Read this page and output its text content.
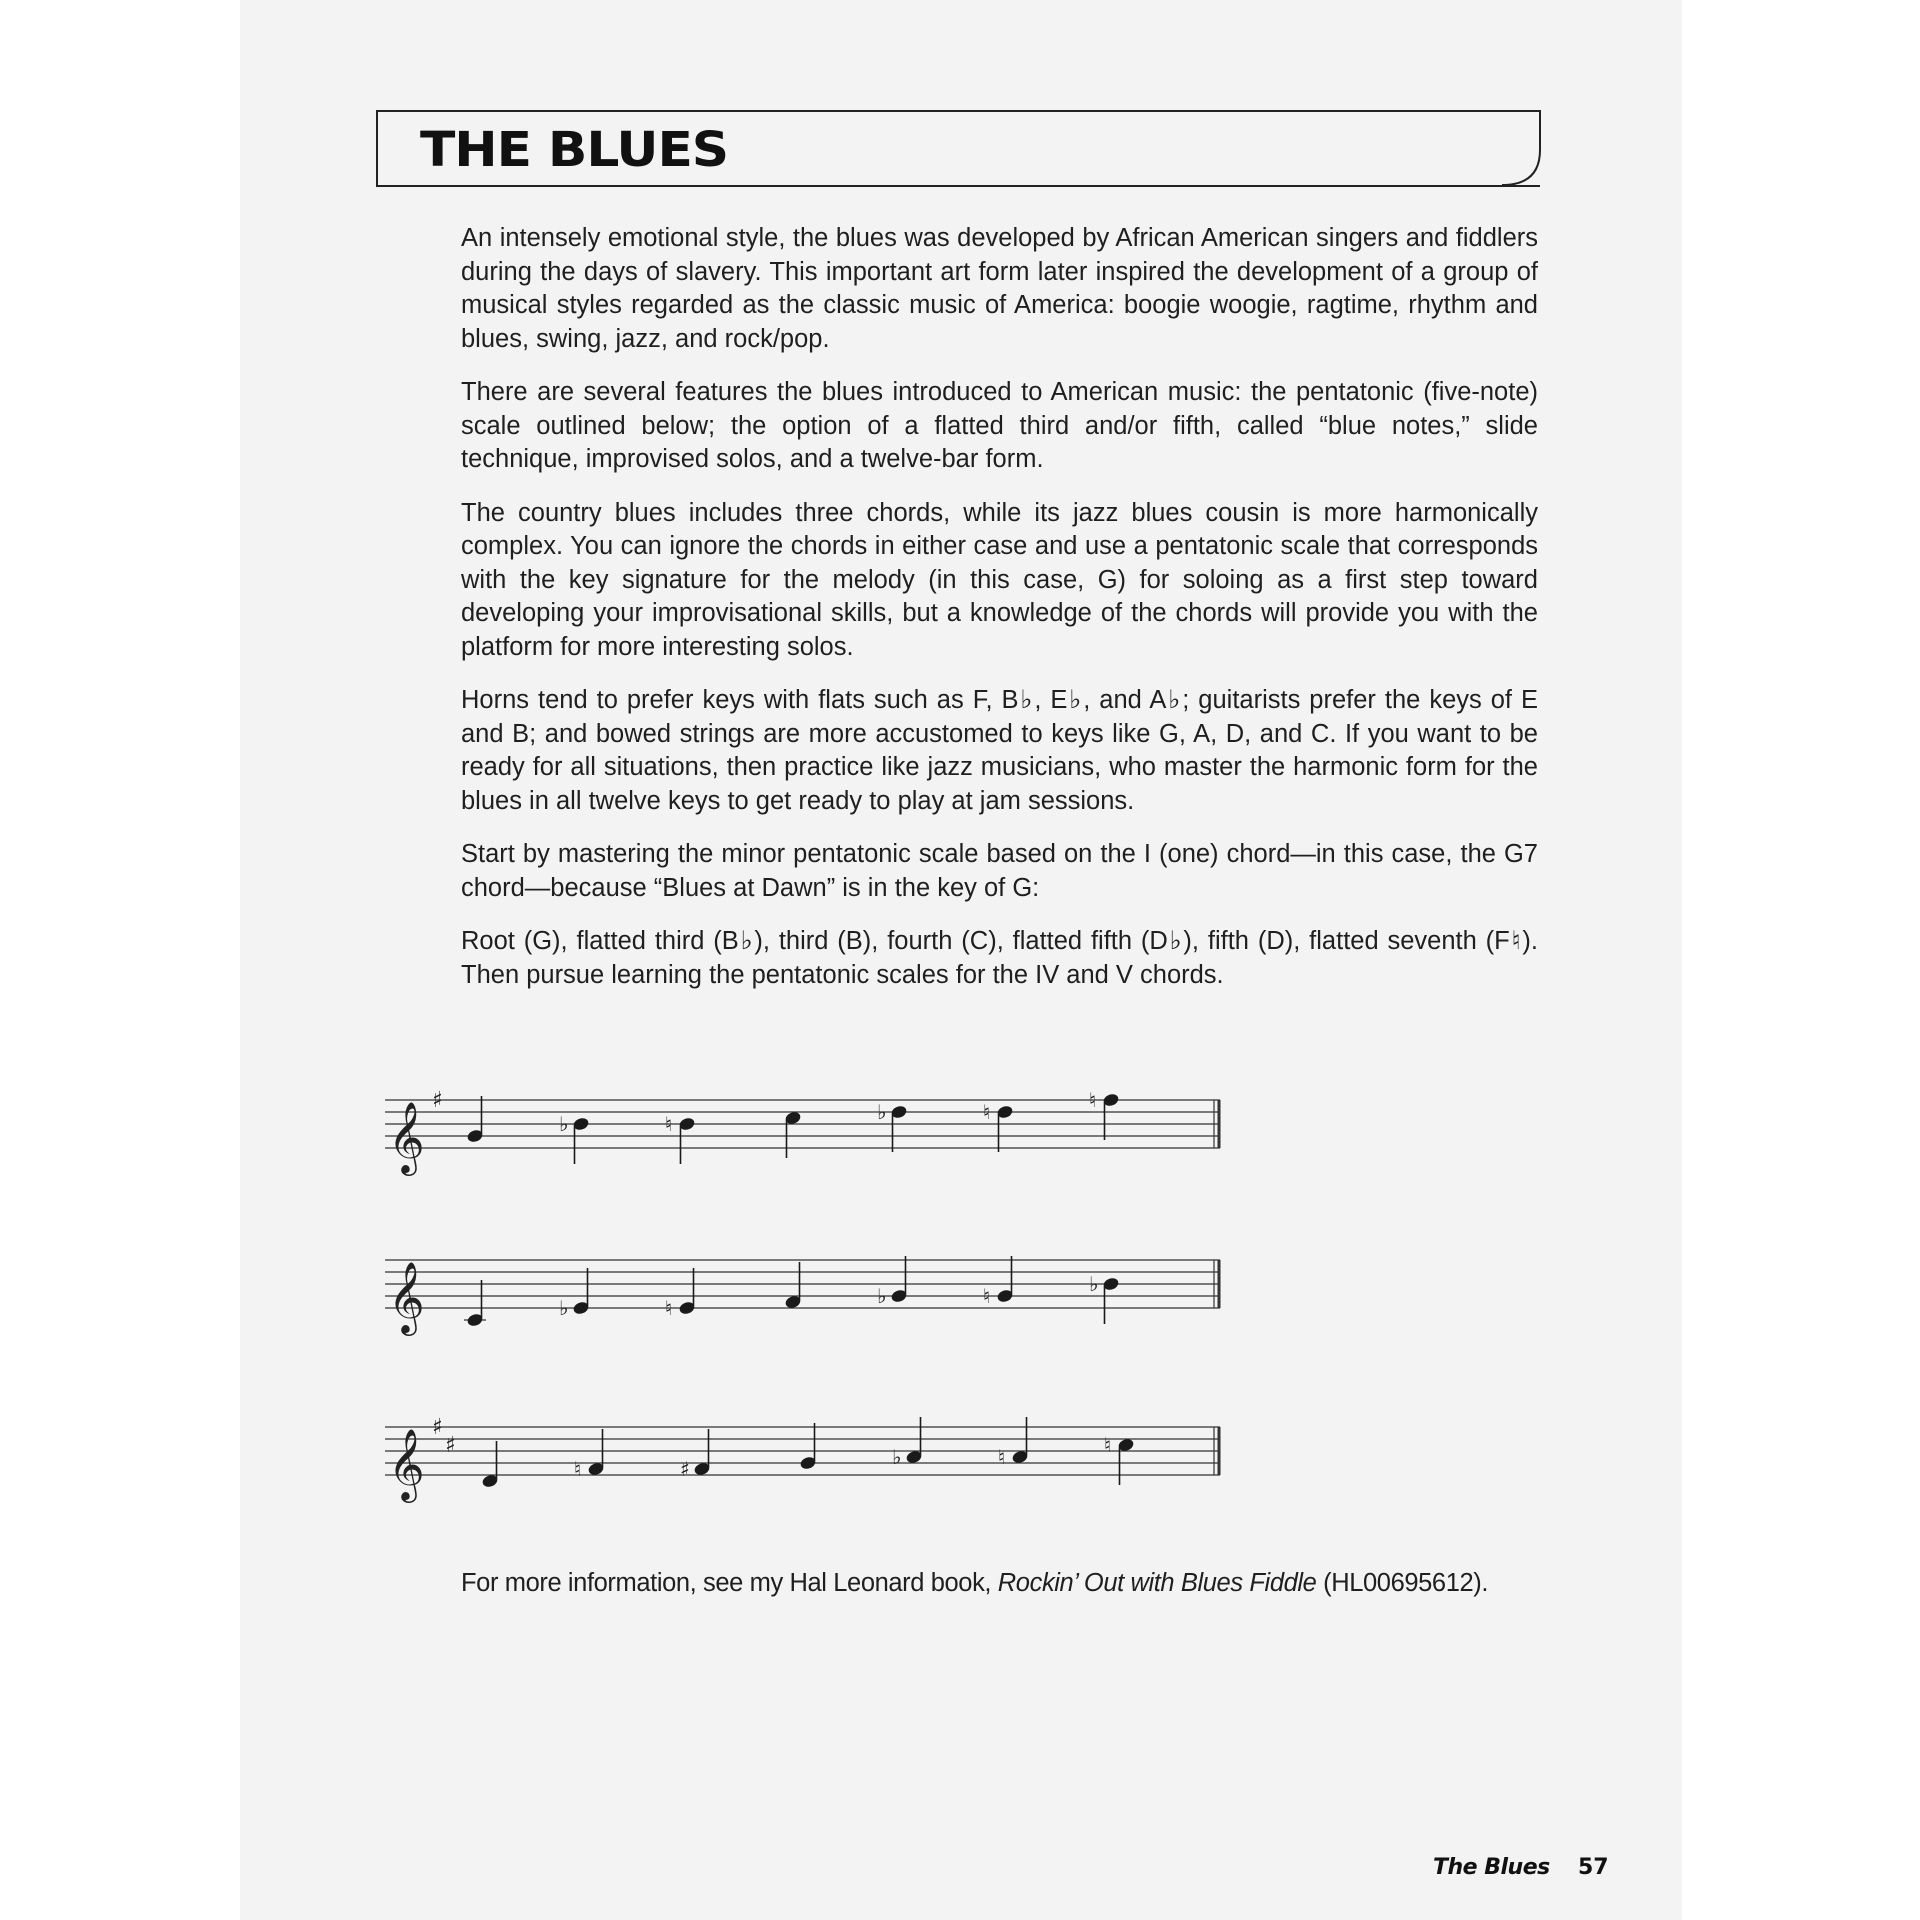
THE BLUES

An intensely emotional style, the blues was developed by African American singers and fiddlers during the days of slavery. This important art form later inspired the development of a group of musical styles regarded as the classic music of America: boogie woogie, ragtime, rhythm and blues, swing, jazz, and rock/pop.

There are several features the blues introduced to American music: the pentatonic (five-note) scale outlined below; the option of a flatted third and/or fifth, called “blue notes,” slide technique, improvised solos, and a twelve-bar form.

The country blues includes three chords, while its jazz blues cousin is more harmonically complex. You can ignore the chords in either case and use a pentatonic scale that corresponds with the key signature for the melody (in this case, G) for soloing as a first step toward developing your improvisational skills, but a knowledge of the chords will provide you with the platform for more interesting solos.

Horns tend to prefer keys with flats such as F, B♭, E♭, and A♭; guitarists prefer the keys of E and B; and bowed strings are more accustomed to keys like G, A, D, and C. If you want to be ready for all situations, then practice like jazz musicians, who master the harmonic form for the blues in all twelve keys to get ready to play at jam sessions.

Start by mastering the minor pentatonic scale based on the I (one) chord—in this case, the G7 chord—because “Blues at Dawn” is in the key of G:

Root (G), flatted third (B♭), third (B), fourth (C), flatted fifth (D♭), fifth (D), flatted seventh (F♮). Then pursue learning the pentatonic scales for the IV and V chords.

𝄞 ♯
♭	♮	♭	♮	♮
𝄞	♭	♮	♭	♮	♭
𝄞 ♯
♯
♮	♯	♭	♮	♮
For more information, see my Hal Leonard book, Rockin’ Out with Blues Fiddle (HL00695612).
The Blues 57
